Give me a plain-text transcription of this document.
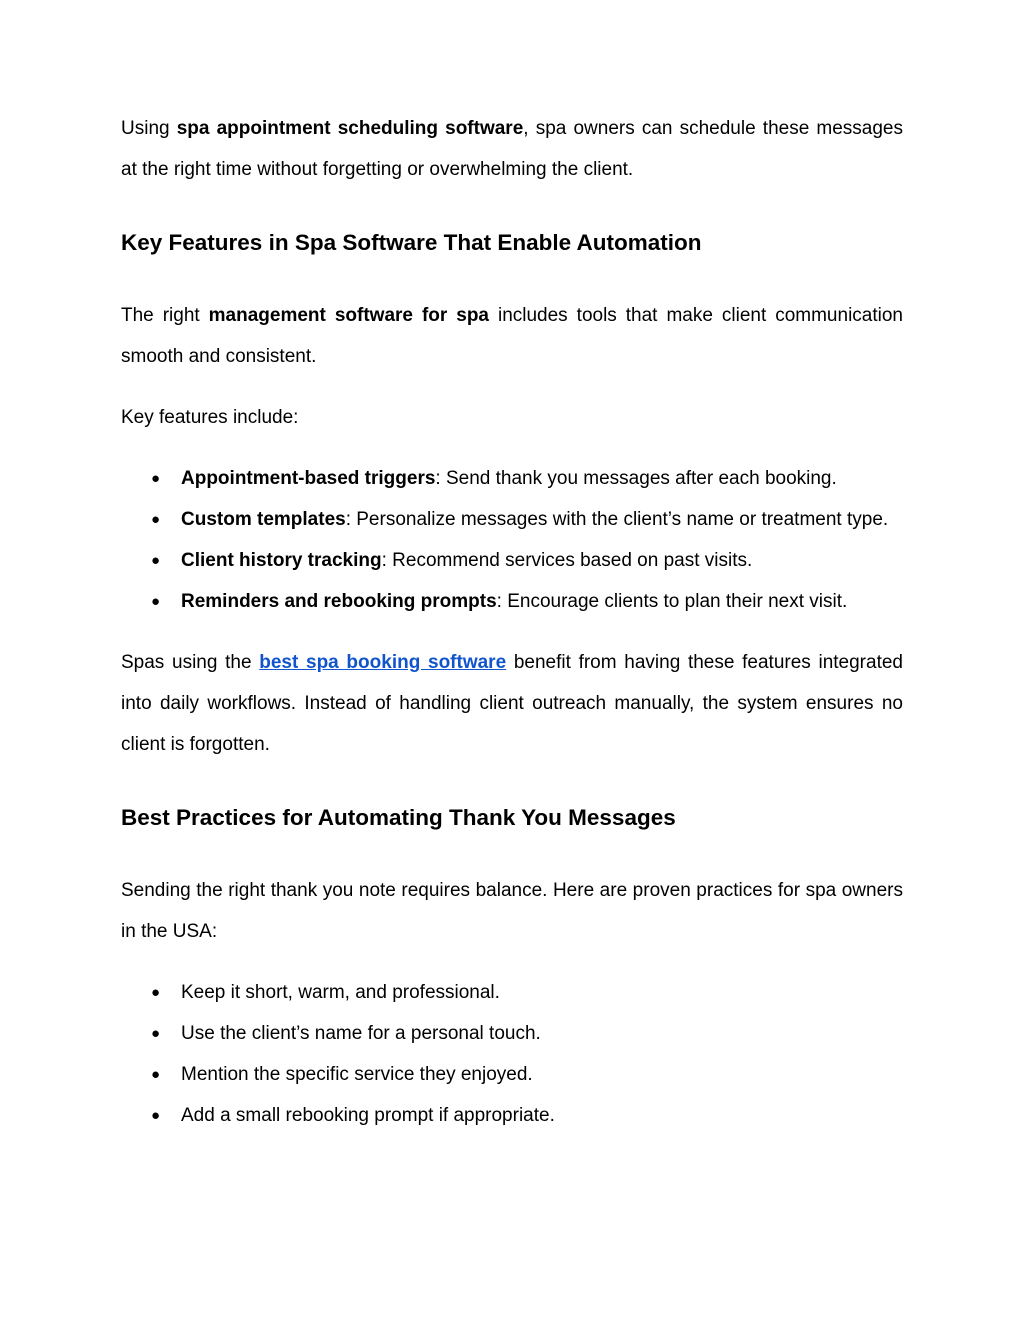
Using spa appointment scheduling software, spa owners can schedule these messages at the right time without forgetting or overwhelming the client.

Key Features in Spa Software That Enable Automation

The right management software for spa includes tools that make client communication smooth and consistent.

Key features include:

● Appointment-based triggers: Send thank you messages after each booking.
● Custom templates: Personalize messages with the client’s name or treatment type.
● Client history tracking: Recommend services based on past visits.
● Reminders and rebooking prompts: Encourage clients to plan their next visit.

Spas using the best spa booking software benefit from having these features integrated into daily workflows. Instead of handling client outreach manually, the system ensures no client is forgotten.

Best Practices for Automating Thank You Messages

Sending the right thank you note requires balance. Here are proven practices for spa owners in the USA:

● Keep it short, warm, and professional.
● Use the client’s name for a personal touch.
● Mention the specific service they enjoyed.
● Add a small rebooking prompt if appropriate.
